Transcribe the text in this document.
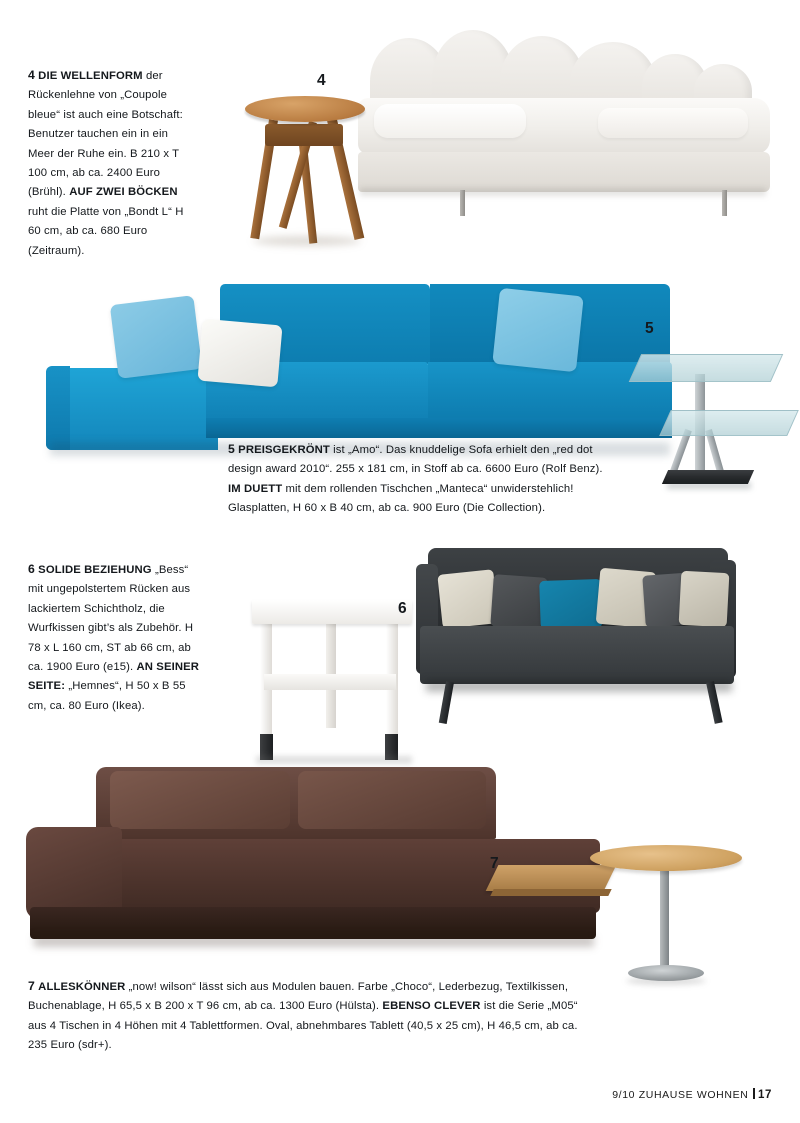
4
4 DIE WELLENFORM der Rückenlehne von „Coupole bleue“ ist auch eine Botschaft: Benutzer tauchen ein in ein Meer der Ruhe ein. B 210 x T 100 cm, ab ca. 2400 Euro (Brühl). AUF ZWEI BÖCKEN ruht die Platte von „Bondt L“ H 60 cm, ab ca. 680 Euro (Zeitraum).
5
5 PREISGEKRÖNT ist „Amo“. Das knuddelige Sofa erhielt den „red dot design award 2010“. 255 x 181 cm, in Stoff ab ca. 6600 Euro (Rolf Benz). IM DUETT mit dem rollenden Tischchen „Manteca“ unwiderstehlich! Glasplatten, H 60 x B 40 cm, ab ca. 900 Euro (Die Collection).
6
6 SOLIDE BEZIEHUNG „Bess“ mit ungepolstertem Rücken aus lackiertem Schichtholz, die Wurfkissen gibt’s als Zubehör. H 78 x L 160 cm, ST ab 66 cm, ab ca. 1900 Euro (e15). AN SEINER SEITE: „Hemnes“, H 50 x B 55 cm, ca. 80 Euro (Ikea).
7
7 ALLESKÖNNER „now! wilson“ lässt sich aus Modulen bauen. Farbe „Choco“, Lederbezug, Textilkissen, Buchenablage, H 65,5 x B 200 x T 96 cm, ab ca. 1300 Euro (Hülsta). EBENSO CLEVER ist die Serie „M05“ aus 4 Tischen in 4 Höhen mit 4 Tablettformen. Oval, abnehmbares Tablett (40,5 x 25 cm), H 46,5 cm, ab ca. 235 Euro (sdr+).
9/10 ZUHAUSE WOHNEN 17
